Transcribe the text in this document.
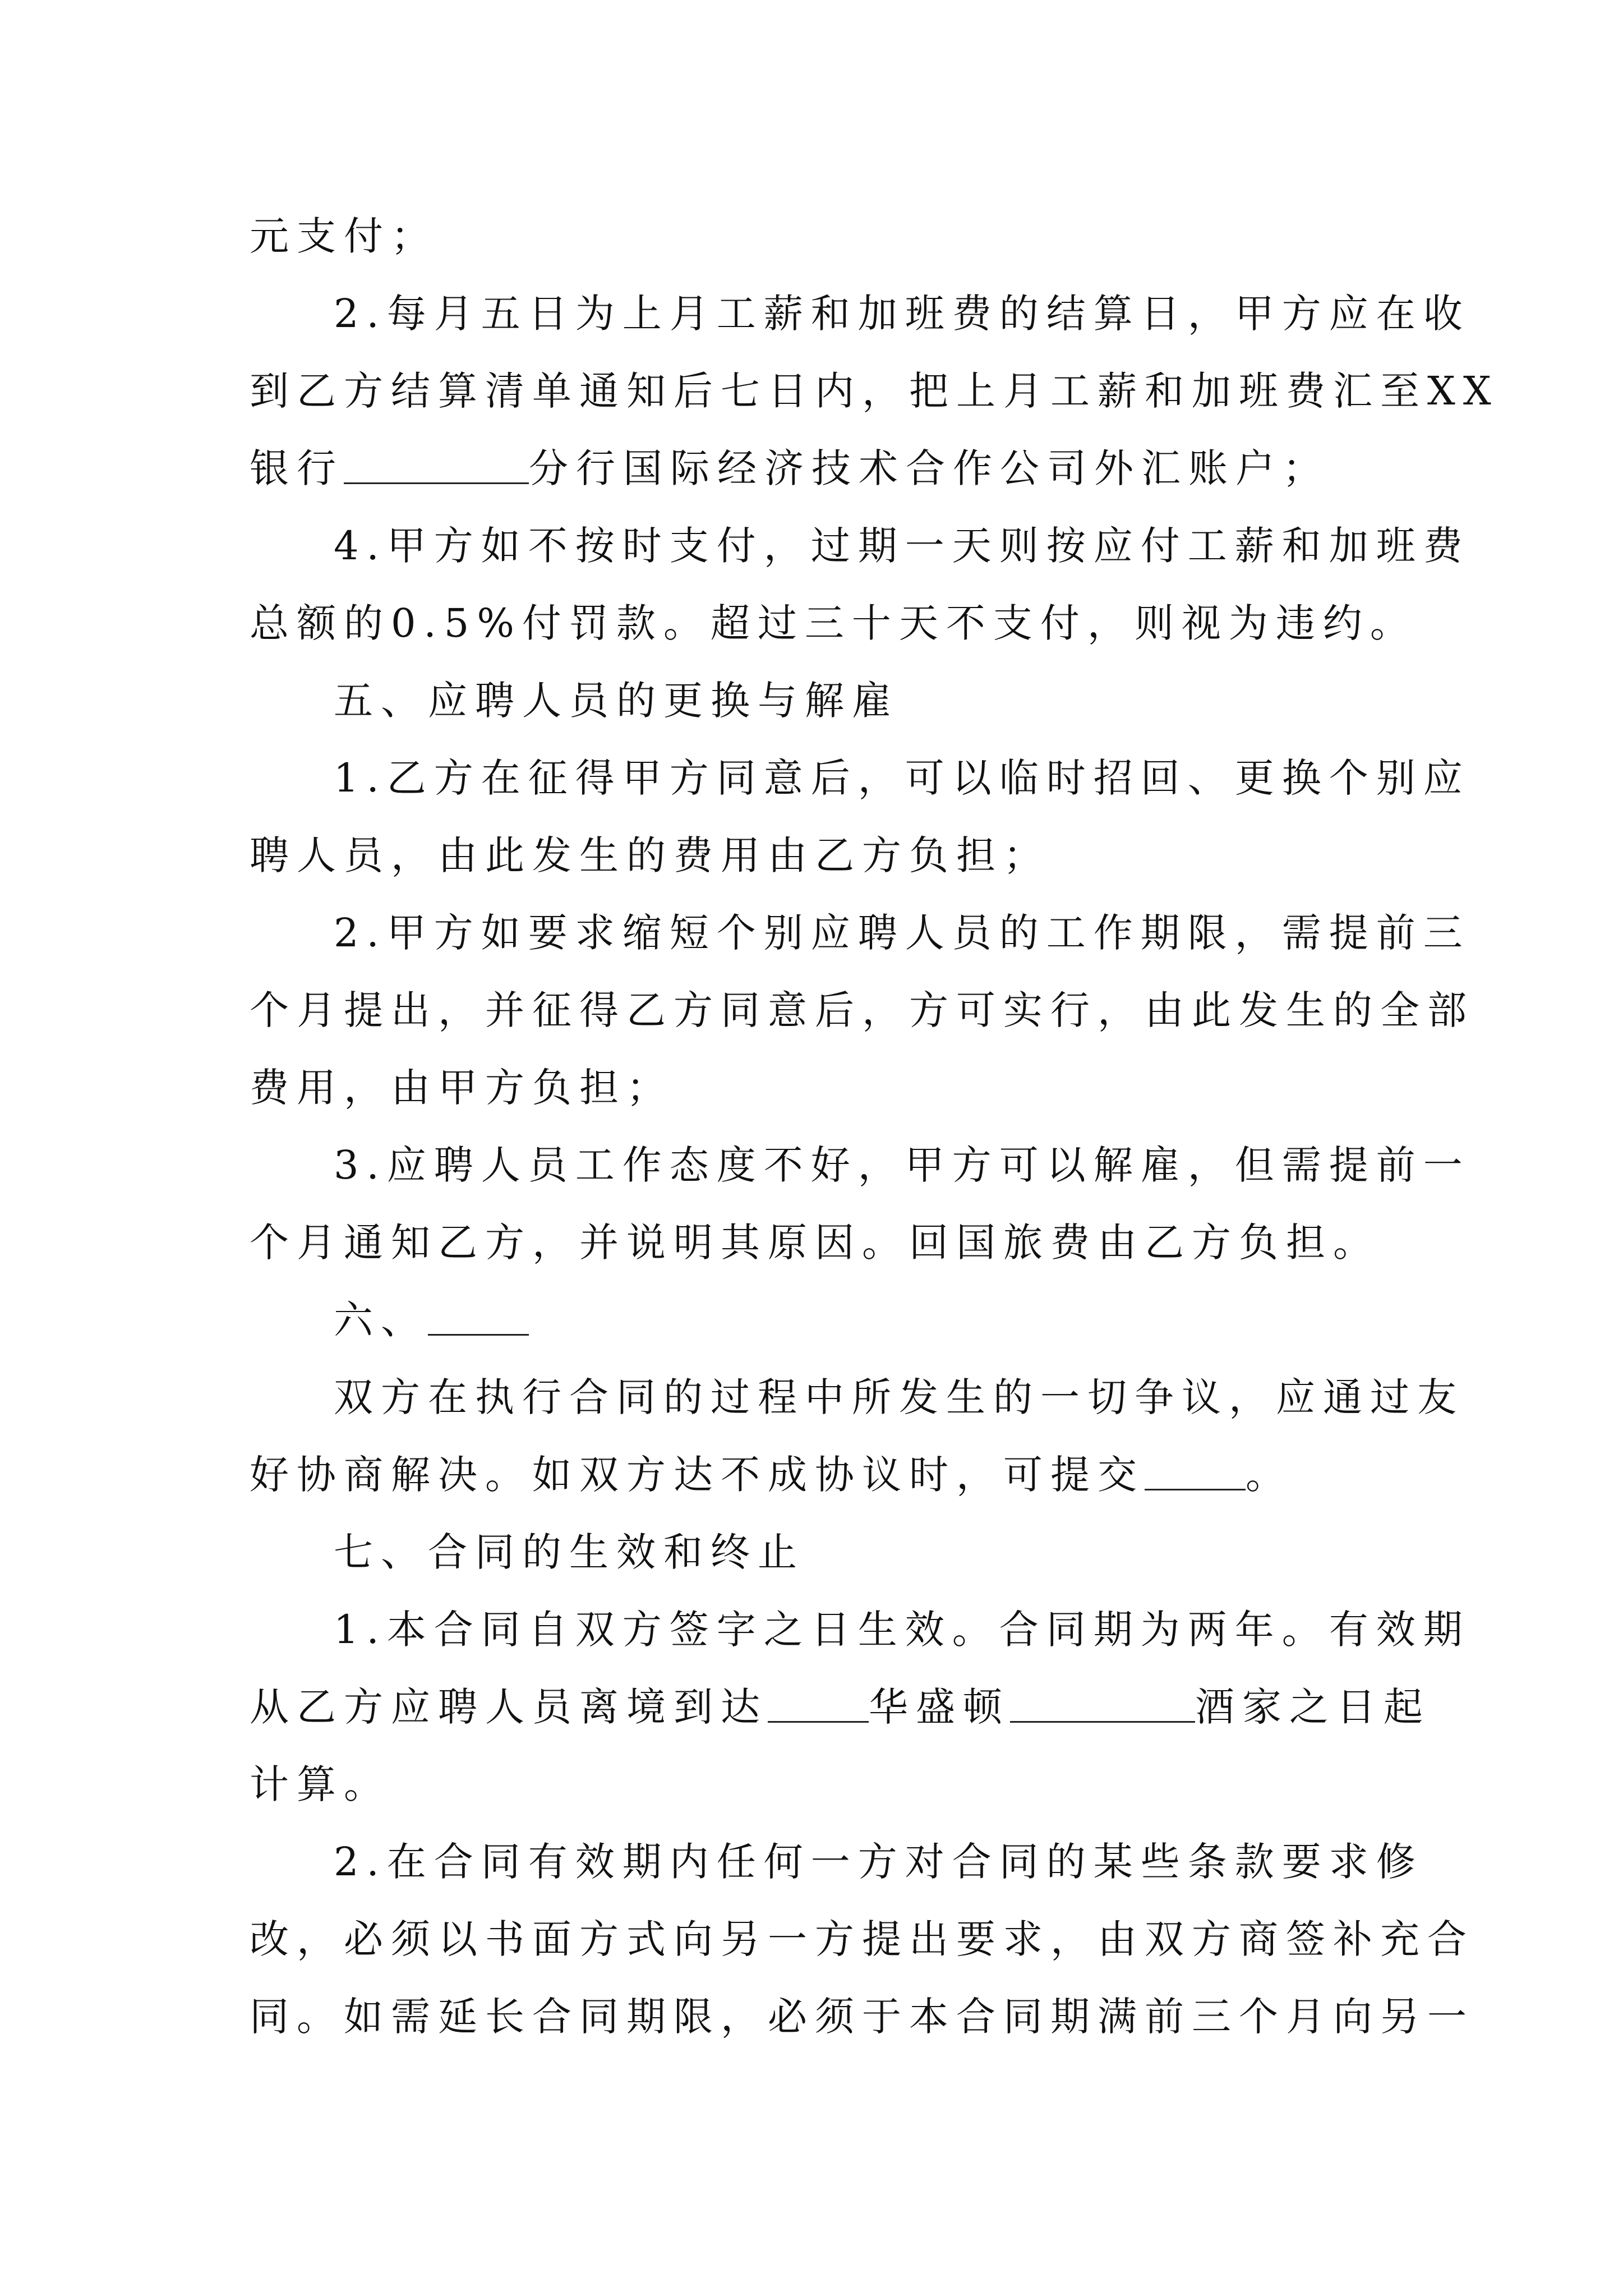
元支付；
2.每月五日为上月工薪和加班费的结算日，甲方应在收
到乙方结算清单通知后七日内，把上月工薪和加班费汇至XX
银行	分行国际经济技术合作公司外汇账户；
4.甲方如不按时支付，过期一天则按应付工薪和加班费
总额的0.5%付罚款。超过三十天不支付，则视为违约。
五、应聘人员的更换与解雇
1.乙方在征得甲方同意后，可以临时招回、更换个别应
聘人员，由此发生的费用由乙方负担；
2.甲方如要求缩短个别应聘人员的工作期限，需提前三
个月提出，并征得乙方同意后，方可实行，由此发生的全部
费用，由甲方负担；
3.应聘人员工作态度不好，甲方可以解雇，但需提前一
个月通知乙方，并说明其原因。回国旅费由乙方负担。
六、
双方在执行合同的过程中所发生的一切争议，应通过友
好协商解决。如双方达不成协议时，可提交	。
七、合同的生效和终止
1.本合同自双方签字之日生效。合同期为两年。有效期
从乙方应聘人员离境到达	华盛顿	酒家之日起
计算。
2.在合同有效期内任何一方对合同的某些条款要求修
改，必须以书面方式向另一方提出要求，由双方商签补充合
同。如需延长合同期限，必须于本合同期满前三个月向另一
